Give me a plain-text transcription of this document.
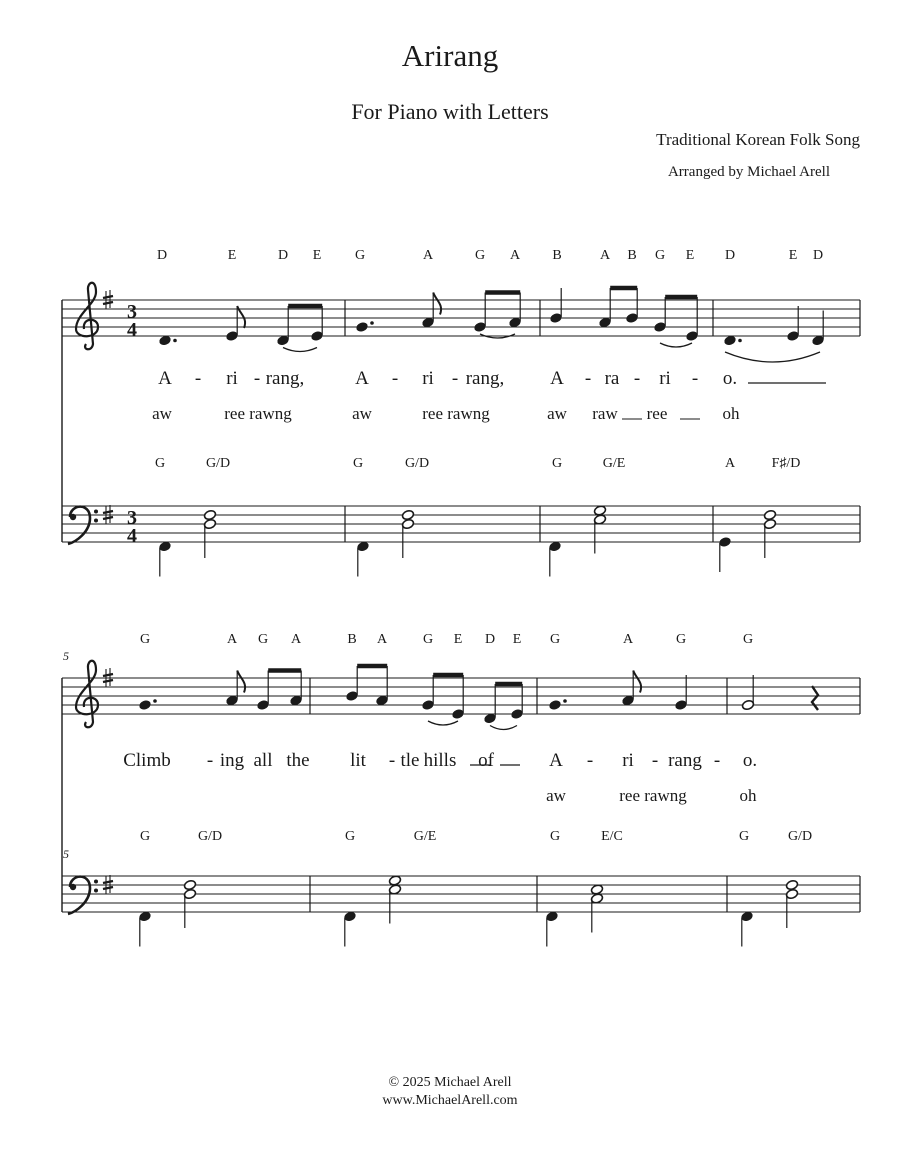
Arirang
For Piano with Letters
Traditional Korean Folk Song
Arranged by Michael Arell
3
4
3
4
5
5
D	E	D E G	A	G A B	A B G E D	E D
G	A G A	B A	G E D E G	A	G	G
A - ri - rang,	A - ri - rang, A - ra - ri - o.
aw	ree rawng	aw	ree rawng	aw raw ree	oh
Climb - ing all the lit - tle hills of	A - ri - rang - o.
aw	ree rawng	oh
G	G/D	G	G/D	G	G/E	A	F♯/D
G	G/D	G	G/E	G	E/C	G	G/D
© 2025 Michael Arell
www.MichaelArell.com
